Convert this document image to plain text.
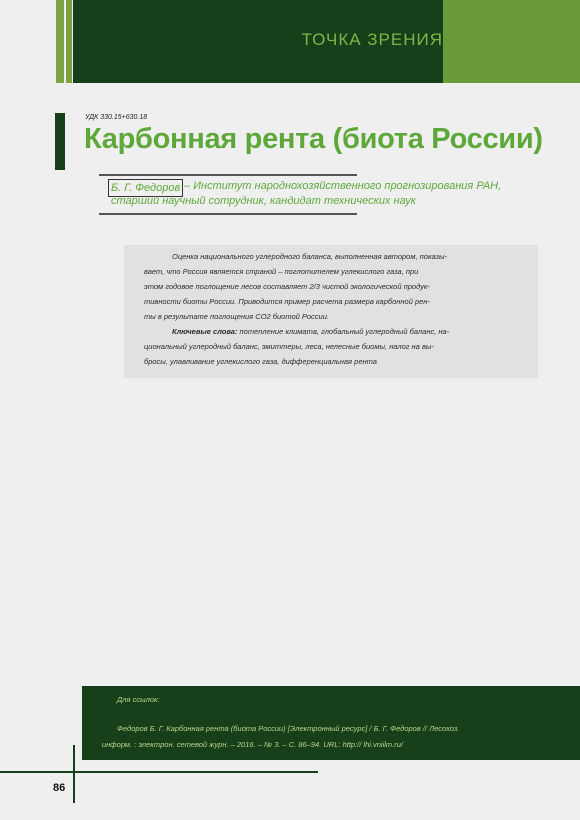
ТОЧКА ЗРЕНИЯ
УДК 330.15+630.18
Карбонная рента (биота России)
Б. Г. Федоров – Институт народнохозяйственного прогнозирования РАН,
старший научный сотрудник, кандидат технических наук
Оценка национального углеродного баланса, выполненная автором, показы-
вает, что Россия является страной – поглотителем углекислого газа, при
этом годовое поглощение лесов составляет 2/3 чистой экологической продук-
тивности биоты России. Приводится пример расчета размера карбонной рен-
ты в результате поглощения CO2 биотой России.
Ключевые слова: потепление климата, глобальный углеродный баланс, на-
циональный углеродный баланс, эмиттеры, леса, нелесные биомы, налог на вы-
бросы, улавливание углекислого газа, дифференциальная рента
Для ссылок:
Федоров Б. Г. Карбонная рента (биота России) [Электронный ресурс] / Б. Г. Федоров // Лесохоз.
информ. : электрон. сетевой журн. – 2016. – № 3. – С. 86–94. URL: http:// lhi.vniilm.ru/
86
